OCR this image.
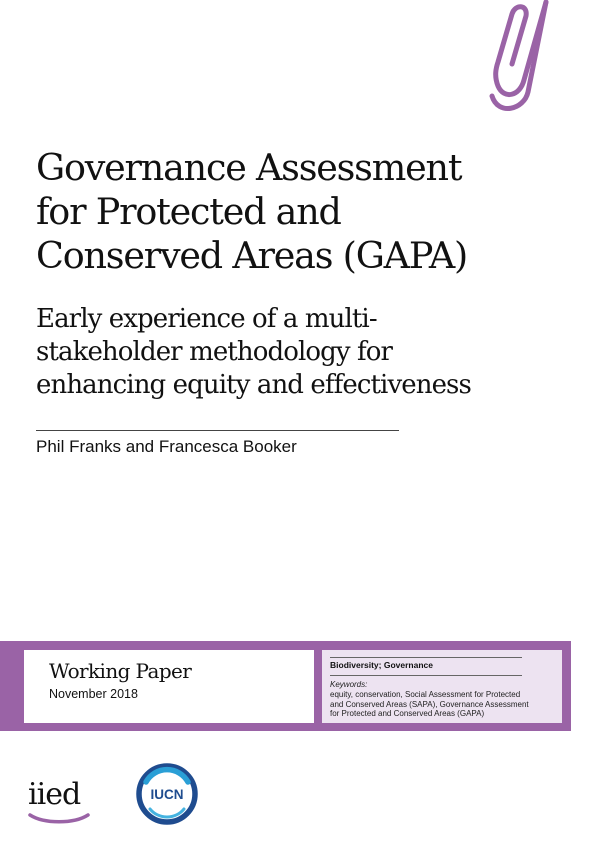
Governance Assessment
for Protected and
Conserved Areas (GAPA)
Early experience of a multi-
stakeholder methodology for
enhancing equity and effectiveness

Phil Franks and Francesca Booker

Working Paper

November 2018

Biodiversity; Governance

Keywords:

equity, conservation, Social Assessment for Protected
and Conserved Areas (SAPA), Governance Assessment
for Protected and Conserved Areas (GAPA)

iied	IUCN
